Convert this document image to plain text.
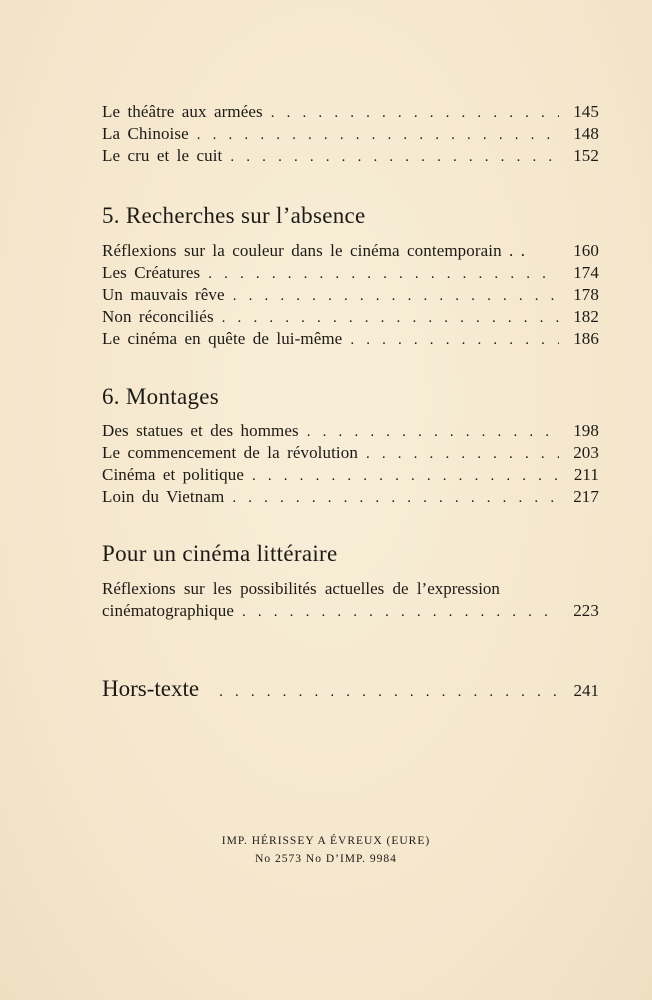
Le théâtre aux armées . . .	145
La Chinoise . . .	148
Le cru et le cuit . . .	152
5. Recherches sur l’absence
Réflexions sur la couleur dans le cinéma contemporain . .	160
Les Créatures . . .	174
Un mauvais rêve . . .	178
Non réconciliés . . .	182
Le cinéma en quête de lui-même . . .	186
6. Montages
Des statues et des hommes . . .	198
Le commencement de la révolution . . .	203
Cinéma et politique . . .	211
Loin du Vietnam . . .	217
Pour un cinéma littéraire
Réflexions sur les possibilités actuelles de l’expression
cinématographique . . .	223
Hors-texte . . .	241
IMP. HÉRISSEY A ÉVREUX (EURE)
No 2573 No D’IMP. 9984
